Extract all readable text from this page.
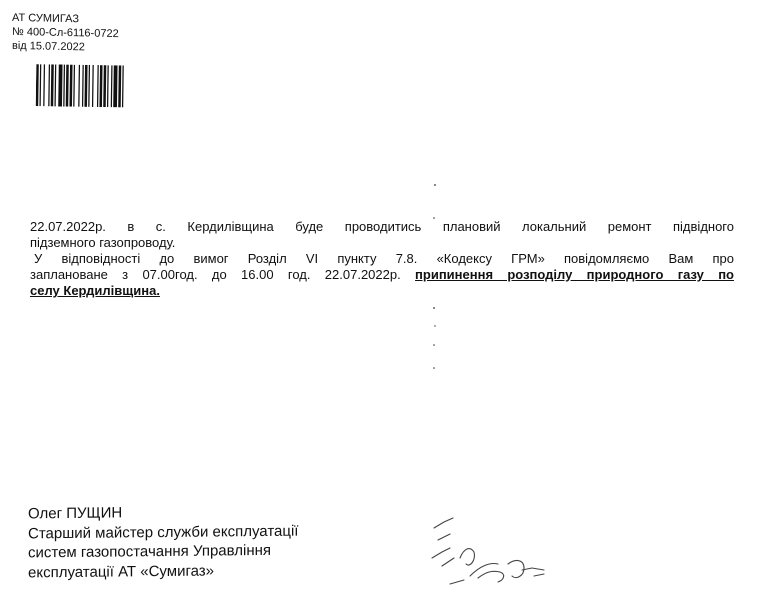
АТ СУМИГАЗ
№ 400-Сл-6116-0722
від 15.07.2022
22.07.2022р. в с. Кердилівщина буде проводитись плановий локальний ремонт підвідного
підземного газопроводу.
У відповідності до вимог Розділ VI пункту 7.8. «Кодексу ГРМ» повідомляємо Вам про
заплановане з 07.00год. до 16.00 год. 22.07.2022р. припинення розподілу природного газу по
селу Кердилівщина.
Олег ПУЩИН
Старший майстер служби експлуатації
систем газопостачання Управління
експлуатації АТ «Сумигаз»
